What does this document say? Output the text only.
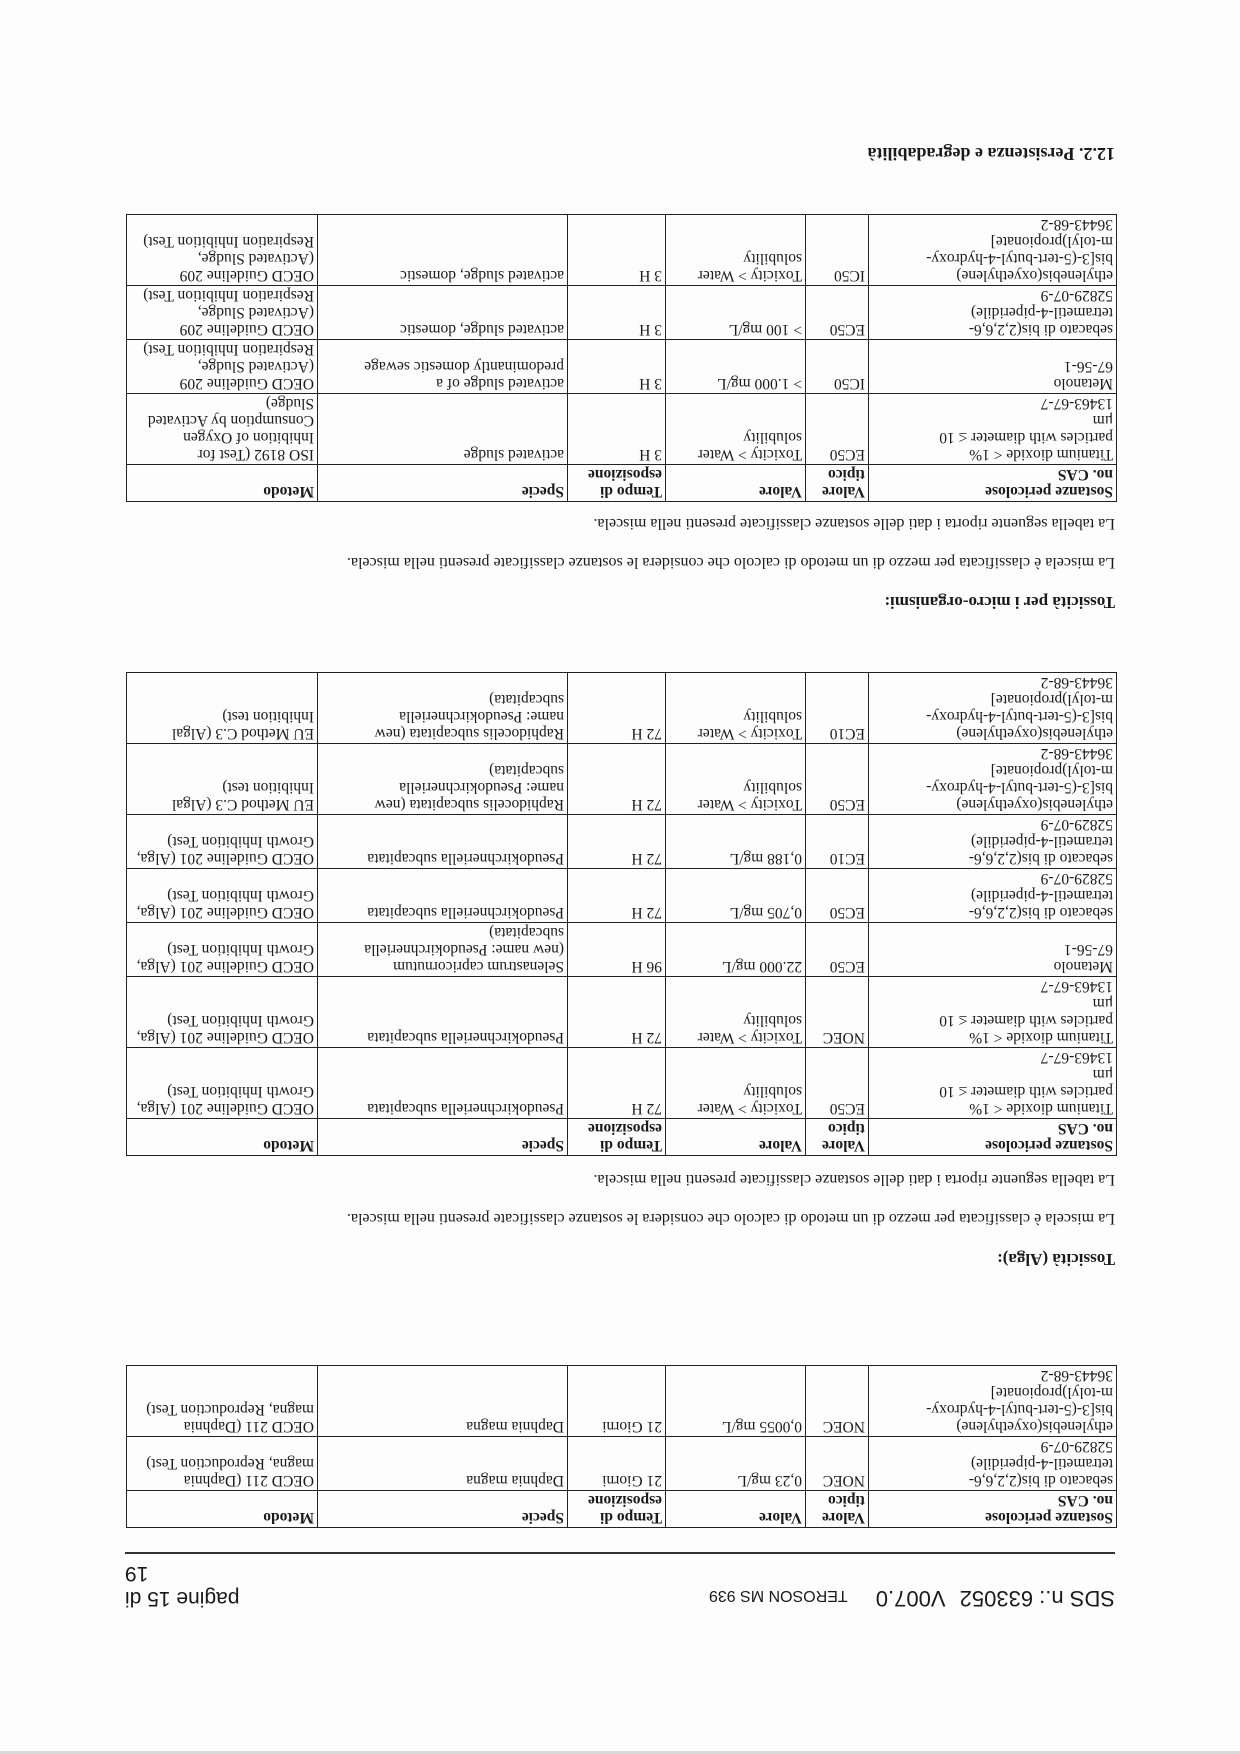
SDS n.: 633052 V007.0 TEROSON MS 939
pagine 15 di
19
Sostanze pericolose
no. CAS	Valore
tipico	Valore	Tempo di
esposizione	Specie	Metodo
sebacato di bis(2,2,6,6-
tetrametil-4-piperidile)
52829-07-9	NOEC	0,23 mg/L	21 Giorni	Daphnia magna	OECD 211 (Daphnia
magna, Reproduction Test)
ethylenebis(oxyethylene)
bis[3-(5-tert-butyl-4-hydroxy-
m-tolyl)propionate]
36443-68-2	NOEC	0,0055 mg/L	21 Giorni	Daphnia magna	OECD 211 (Daphnia
magna, Reproduction Test)
Tossicità (Alga):
La miscela è classificata per mezzo di un metodo di calcolo che considera le sostanze classificate presenti nella miscela.
La tabella seguente riporta i dati delle sostanze classificate presenti nella miscela.
Sostanze pericolose
no. CAS	Valore
tipico	Valore	Tempo di
esposizione	Specie	Metodo
Titanium dioxide < 1%
particles with diameter ≤ 10
μm
13463-67-7	EC50	Toxicity > Water
solubility	72 H	Pseudokirchneriella subcapitata	OECD Guideline 201 (Alga,
Growth Inhibition Test)
Titanium dioxide < 1%
particles with diameter ≤ 10
μm
13463-67-7	NOEC	Toxicity > Water
solubility	72 H	Pseudokirchneriella subcapitata	OECD Guideline 201 (Alga,
Growth Inhibition Test)
Metanolo
67-56-1	EC50	22.000 mg/L	96 H	Selenastrum capricornutum
(new name: Pseudokirchneriella
subcapitata)	OECD Guideline 201 (Alga,
Growth Inhibition Test)
sebacato di bis(2,2,6,6-
tetrametil-4-piperidile)
52829-07-9	EC50	0,705 mg/L	72 H	Pseudokirchneriella subcapitata	OECD Guideline 201 (Alga,
Growth Inhibition Test)
sebacato di bis(2,2,6,6-
tetrametil-4-piperidile)
52829-07-9	EC10	0,188 mg/L	72 H	Pseudokirchneriella subcapitata	OECD Guideline 201 (Alga,
Growth Inhibition Test)
ethylenebis(oxyethylene)
bis[3-(5-tert-butyl-4-hydroxy-
m-tolyl)propionate]
36443-68-2	EC50	Toxicity > Water
solubility	72 H	Raphidocelis subcapitata (new
name: Pseudokirchneriella
subcapitata)	EU Method C.3 (Algal
Inhibition test)
ethylenebis(oxyethylene)
bis[3-(5-tert-butyl-4-hydroxy-
m-tolyl)propionate]
36443-68-2	EC10	Toxicity > Water
solubility	72 H	Raphidocelis subcapitata (new
name: Pseudokirchneriella
subcapitata)	EU Method C.3 (Algal
Inhibition test)
Tossicità per i micro-organismi:
La miscela è classificata per mezzo di un metodo di calcolo che considera le sostanze classificate presenti nella miscela.
La tabella seguente riporta i dati delle sostanze classificate presenti nella miscela.
Sostanze pericolose
no. CAS	Valore
tipico	Valore	Tempo di
esposizione	Specie	Metodo
Titanium dioxide < 1%
particles with diameter ≤ 10
μm
13463-67-7	EC50	Toxicity > Water
solubility	3 H	activated sludge	ISO 8192 (Test for
Inhibition of Oxygen
Consumption by Activated
Sludge)
Metanolo
67-56-1	IC50	> 1.000 mg/L	3 H	activated sludge of a
predominantly domestic sewage	OECD Guideline 209
(Activated Sludge,
Respiration Inhibition Test)
sebacato di bis(2,2,6,6-
tetrametil-4-piperidile)
52829-07-9	EC50	> 100 mg/L	3 H	activated sludge, domestic	OECD Guideline 209
(Activated Sludge,
Respiration Inhibition Test)
ethylenebis(oxyethylene)
bis[3-(5-tert-butyl-4-hydroxy-
m-tolyl)propionate]
36443-68-2	IC50	Toxicity > Water
solubility	3 H	activated sludge, domestic	OECD Guideline 209
(Activated Sludge,
Respiration Inhibition Test)
12.2. Persistenza e degradabilità
